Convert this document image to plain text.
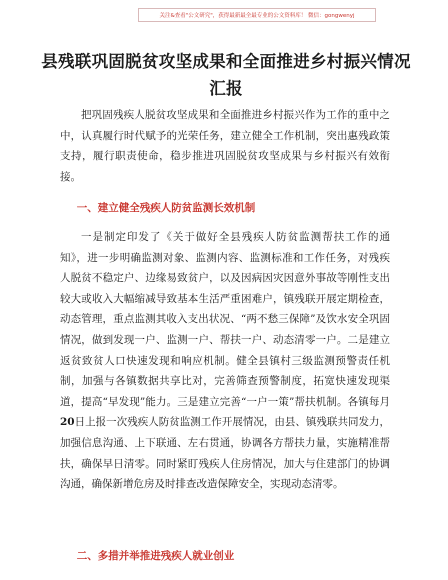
关注&查看"公文研究"，获得最新最全最专业的公文资料库！ 微信：gongwenyj
县残联巩固脱贫攻坚成果和全面推进乡村振兴情况汇报

把巩固残疾人脱贫攻坚成果和全面推进乡村振兴作为工作的重中之中，认真履行时代赋予的光荣任务，建立健全工作机制，突出惠残政策支持，履行职责使命，稳步推进巩固脱贫攻坚成果与乡村振兴有效衔接。

一、建立健全残疾人防贫监测长效机制

一是制定印发了《关于做好全县残疾人防贫监测帮扶工作的通知》，进一步明确监测对象、监测内容、监测标准和工作任务，对残疾人脱贫不稳定户、边缘易致贫户，以及因病因灾因意外事故等刚性支出较大或收入大幅缩减导致基本生活严重困难户，镇残联开展定期检查，动态管理，重点监测其收入支出状况、“两不愁三保障”及饮水安全巩固情况，做到发现一户、监测一户、帮扶一户、动态清零一户。二是建立返贫致贫人口快速发现和响应机制。健全县镇村三级监测预警责任机制，加强与各镇数据共享比对，完善筛查预警制度，拓宽快速发现渠道，提高“早发现”能力。三是建立完善“一户一策”帮扶机制。各镇每月20日上报一次残疾人防贫监测工作开展情况，由县、镇残联共同发力，加强信息沟通、上下联通、左右贯通，协调各方帮扶力量，实施精准帮扶，确保早日清零。同时紧盯残疾人住房情况，加大与住建部门的协调沟通，确保新增危房及时排查改造保障安全，实现动态清零。

二、多措并举推进残疾人就业创业
